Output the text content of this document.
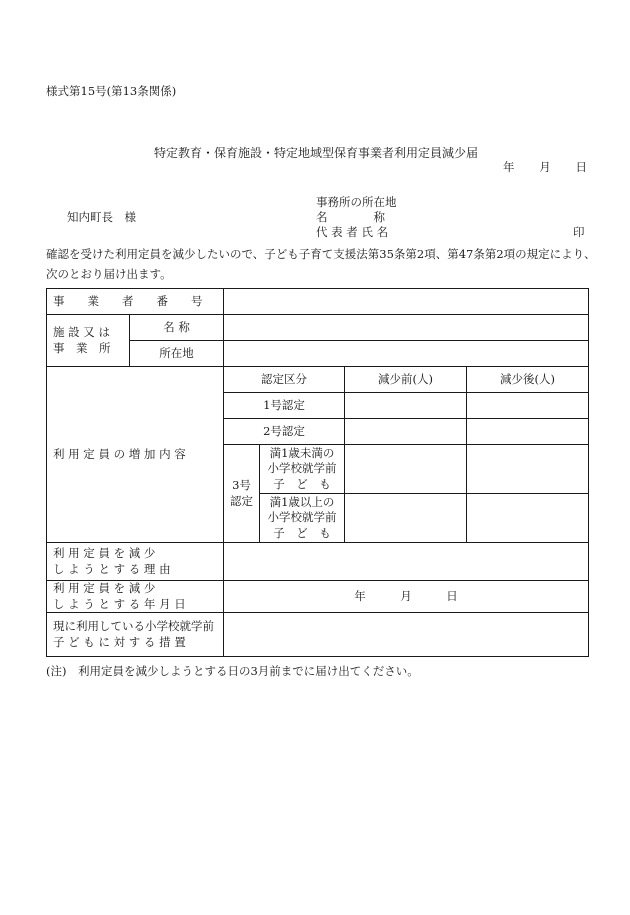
様式第15号(第13条関係)
特定教育・保育施設・特定地域型保育事業者利用定員減少届
年 月 日
知内町長　様
事務所の所在地
名　　　　称
代 表 者 氏 名	印
確認を受けた利用定員を減少したいので、子ども子育て支援法第35条第2項、第47条第2項の規定により、
次のとおり届け出ます。
事　　業　　者　　番　　号					

施 設 又 は
事　業　所	名 称				
	所在地				
利 用 定 員 の 増 加 内 容		認定区分		減少前(人)	減少後(人)
		1号認定			
		2号認定			

		3号
認定	満1歳未満の
小学校就学前
子　ど　も		

			満1歳以上の
小学校就学前
子　ど　も		

利 用 定 員 を 減 少
し よ う と す る 理 由					

利 用 定 員 を 減 少
し よ う と す る 年 月 日		年　　　月　　　日			

現に利用している小学校就学前
子 ど も に 対 す る 措 置					

(注)　利用定員を減少しようとする日の3月前までに届け出てください。
